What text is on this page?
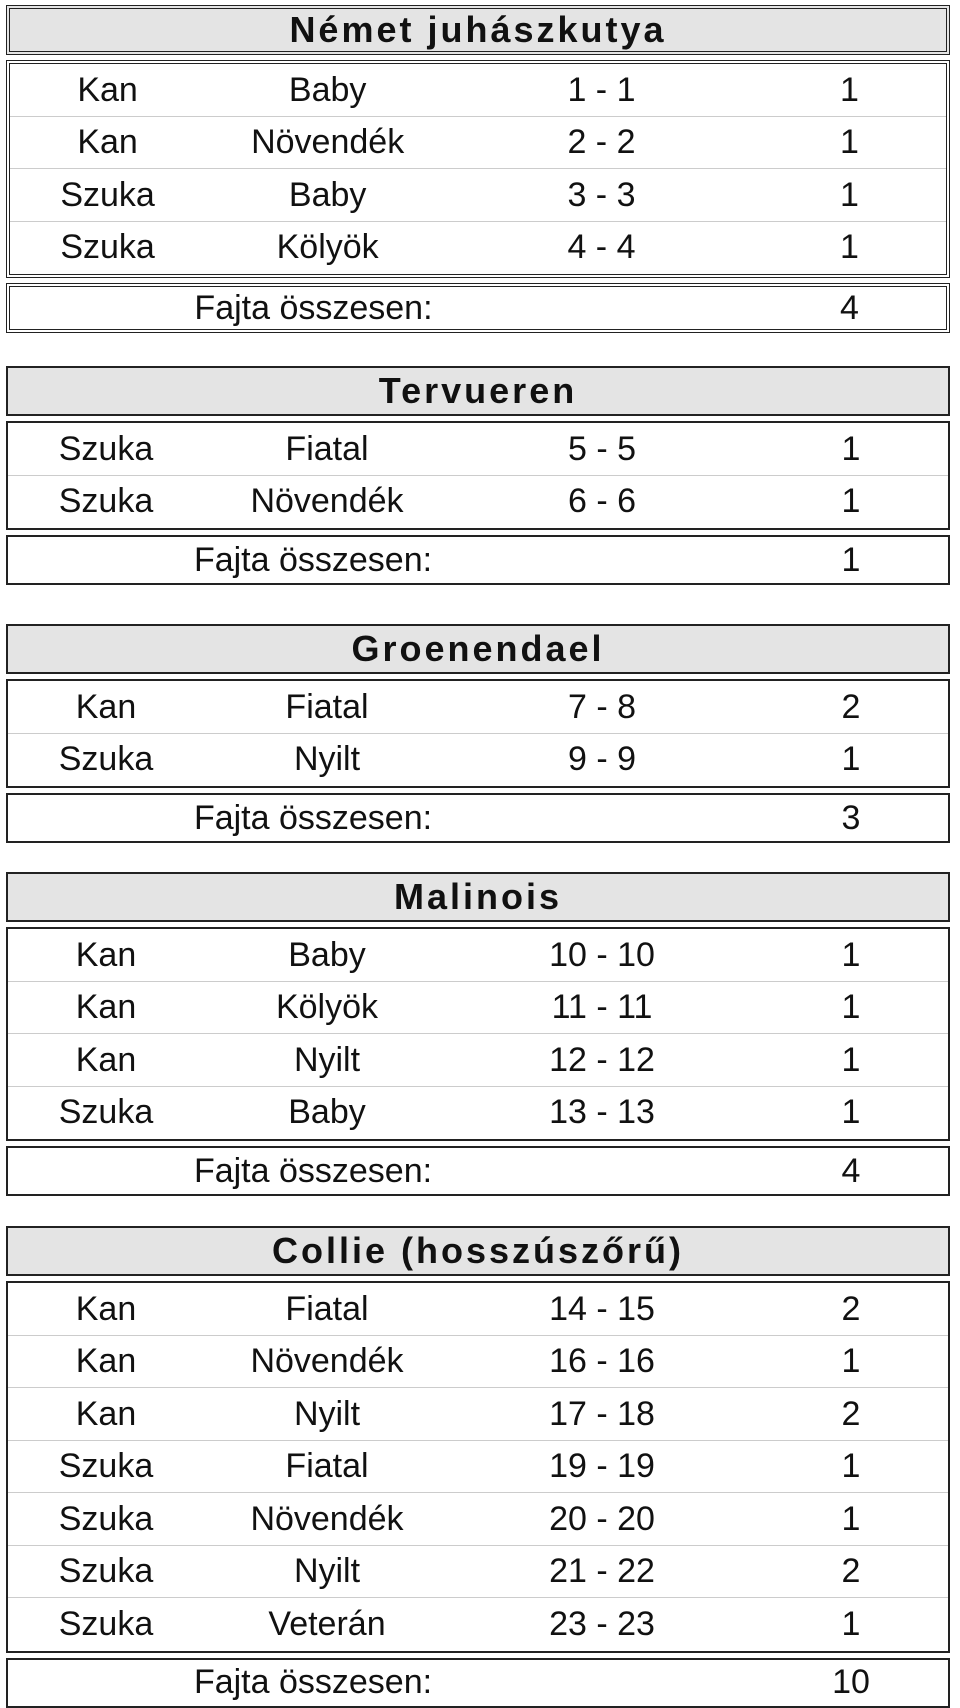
Német juhászkutya
Kan	Baby	1 - 1	1
Kan	Növendék	2 - 2	1
Szuka	Baby	3 - 3	1
Szuka	Kölyök	4 - 4	1
Fajta összesen:	4
Tervueren
Szuka	Fiatal	5 - 5	1
Szuka	Növendék	6 - 6	1
Fajta összesen:	1
Groenendael
Kan	Fiatal	7 - 8	2
Szuka	Nyilt	9 - 9	1
Fajta összesen:	3
Malinois
Kan	Baby	10 - 10	1
Kan	Kölyök	11 - 11	1
Kan	Nyilt	12 - 12	1
Szuka	Baby	13 - 13	1
Fajta összesen:	4
Collie (hosszúszőrű)
Kan	Fiatal	14 - 15	2
Kan	Növendék	16 - 16	1
Kan	Nyilt	17 - 18	2
Szuka	Fiatal	19 - 19	1
Szuka	Növendék	20 - 20	1
Szuka	Nyilt	21 - 22	2
Szuka	Veterán	23 - 23	1
Fajta összesen:	10
